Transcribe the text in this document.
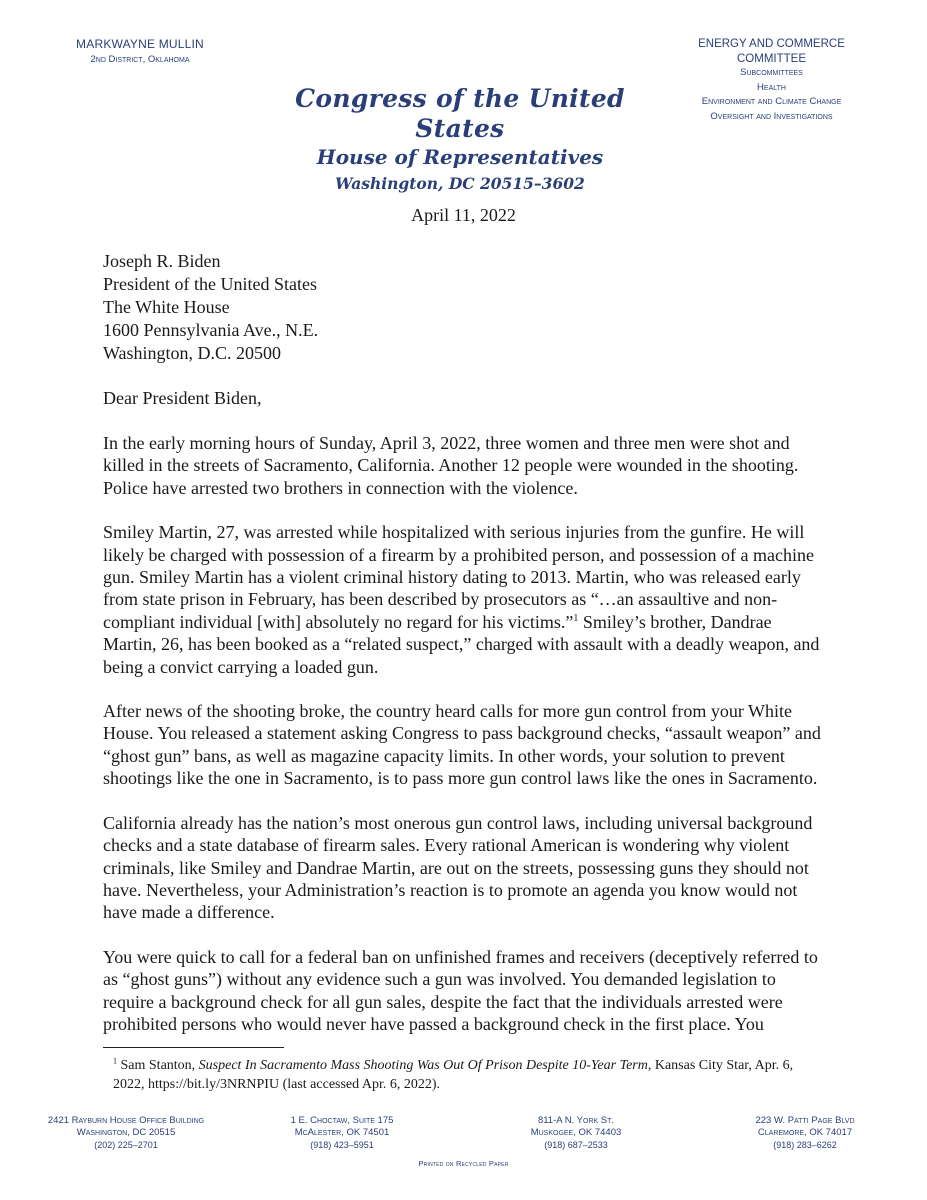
MARKWAYNE MULLIN
2nd District, Oklahoma
ENERGY AND COMMERCE COMMITTEE
Subcommittees
Health
Environment and Climate Change
Oversight and Investigations
Congress of the United States
House of Representatives
Washington, DC 20515–3602
April 11, 2022
Joseph R. Biden
President of the United States
The White House
1600 Pennsylvania Ave., N.E.
Washington, D.C. 20500
Dear President Biden,

In the early morning hours of Sunday, April 3, 2022, three women and three men were shot and killed in the streets of Sacramento, California. Another 12 people were wounded in the shooting. Police have arrested two brothers in connection with the violence.

Smiley Martin, 27, was arrested while hospitalized with serious injuries from the gunfire. He will likely be charged with possession of a firearm by a prohibited person, and possession of a machine gun. Smiley Martin has a violent criminal history dating to 2013. Martin, who was released early from state prison in February, has been described by prosecutors as “…an assaultive and non-compliant individual [with] absolutely no regard for his victims.”$^1$ Smiley’s brother, Dandrae Martin, 26, has been booked as a “related suspect,” charged with assault with a deadly weapon, and being a convict carrying a loaded gun.

After news of the shooting broke, the country heard calls for more gun control from your White House. You released a statement asking Congress to pass background checks, “assault weapon” and “ghost gun” bans, as well as magazine capacity limits. In other words, your solution to prevent shootings like the one in Sacramento, is to pass more gun control laws like the ones in Sacramento.

California already has the nation’s most onerous gun control laws, including universal background checks and a state database of firearm sales. Every rational American is wondering why violent criminals, like Smiley and Dandrae Martin, are out on the streets, possessing guns they should not have. Nevertheless, your Administration’s reaction is to promote an agenda you know would not have made a difference.

You were quick to call for a federal ban on unfinished frames and receivers (deceptively referred to as “ghost guns”) without any evidence such a gun was involved. You demanded legislation to require a background check for all gun sales, despite the fact that the individuals arrested were prohibited persons who would never have passed a background check in the first place. You

$^1$ Sam Stanton, Suspect In Sacramento Mass Shooting Was Out Of Prison Despite 10-Year Term, Kansas City Star, Apr. 6, 2022, https://bit.ly/3NRNPIU (last accessed Apr. 6, 2022).
2421 Rayburn House Office Building
Washington, DC 20515
(202) 225–2701
1 E. Choctaw, Suite 175
McAlester, OK 74501
(918) 423–5951
811-A N. York St.
Muskogee, OK 74403
(918) 687–2533
223 W. Patti Page Blvd
Claremore, OK 74017
(918) 283–6262
Printed on Recycled Paper
